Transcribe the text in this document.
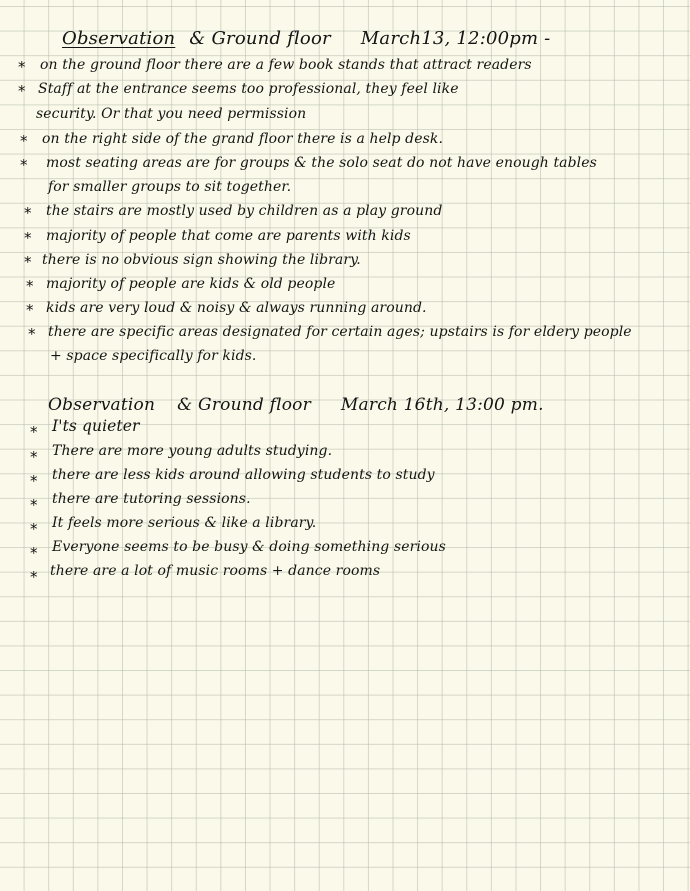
Observation & Ground floor March13, 12:00pm -
* on the ground floor there are a few book stands that attract readers
* Staff at the entrance seems too professional, they feel like
security. Or that you need permission
* on the right side of the grand floor there is a help desk.
* most seating areas are for groups & the solo seat do not have enough tables
for smaller groups to sit together.
* the stairs are mostly used by children as a play ground
* majority of people that come are parents with kids
* there is no obvious sign showing the library.
* majority of people are kids & old people
* kids are very loud & noisy & always running around.
* there are specific areas designated for certain ages; upstairs is for eldery people
+ space specifically for kids.
Observation & Ground floor March 16th, 13:00 pm.
* I'ts quieter
* There are more young adults studying.
* there are less kids around allowing students to study
* there are tutoring sessions.
* It feels more serious & like a library.
* Everyone seems to be busy & doing something serious
* there are a lot of music rooms + dance rooms
